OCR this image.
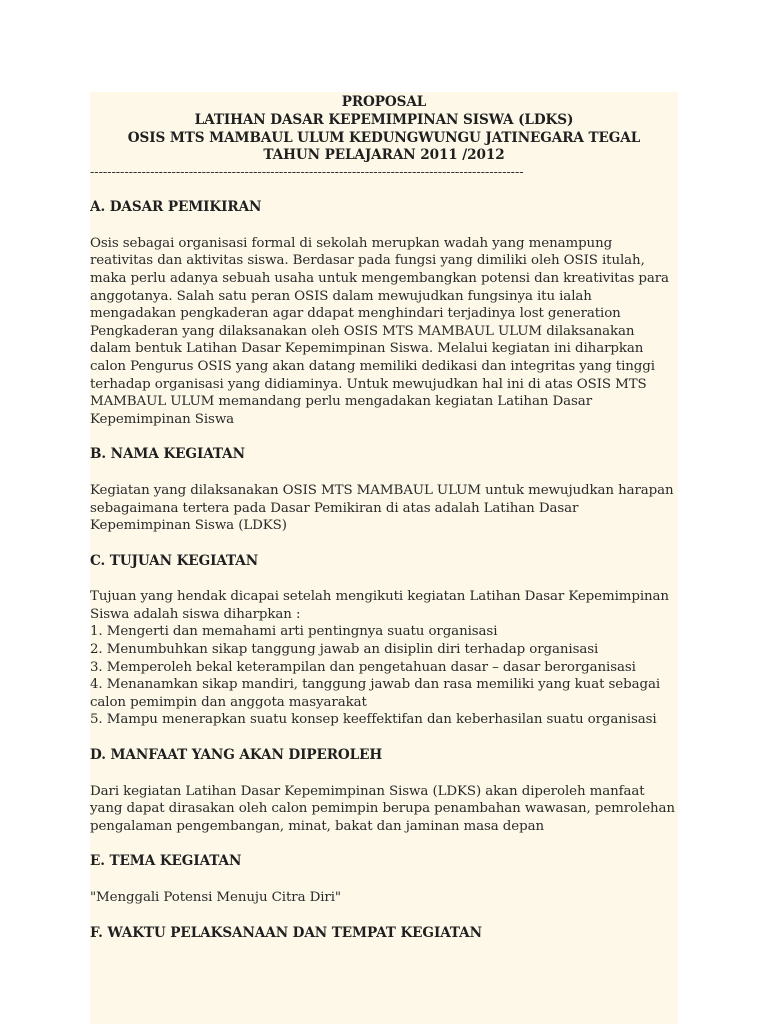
PROPOSAL
LATIHAN DASAR KEPEMIMPINAN SISWA (LDKS)
OSIS MTS MAMBAUL ULUM KEDUNGWUNGU JATINEGARA TEGAL
TAHUN PELAJARAN 2011 /2012
-----------------------------------------------------------------------------------------------------
A. DASAR PEMIKIRAN
Osis sebagai organisasi formal di sekolah merupkan wadah yang menampung reativitas dan aktivitas siswa. Berdasar pada fungsi yang dimiliki oleh OSIS itulah, maka perlu adanya sebuah usaha untuk mengembangkan potensi dan kreativitas para anggotanya. Salah satu peran OSIS dalam mewujudkan fungsinya itu ialah mengadakan pengkaderan agar ddapat menghindari terjadinya lost generation
Pengkaderan yang dilaksanakan oleh OSIS MTS MAMBAUL ULUM dilaksanakan dalam bentuk Latihan Dasar Kepemimpinan Siswa. Melalui kegiatan ini diharpkan calon Pengurus OSIS yang akan datang memiliki dedikasi dan integritas yang tinggi terhadap organisasi yang didiaminya. Untuk mewujudkan hal ini di atas OSIS MTS MAMBAUL ULUM memandang perlu mengadakan kegiatan Latihan Dasar Kepemimpinan Siswa
B. NAMA KEGIATAN
Kegiatan yang dilaksanakan OSIS MTS MAMBAUL ULUM untuk mewujudkan harapan sebagaimana tertera pada Dasar Pemikiran di atas adalah Latihan Dasar Kepemimpinan Siswa (LDKS)
C. TUJUAN KEGIATAN
Tujuan yang hendak dicapai setelah mengikuti kegiatan Latihan Dasar Kepemimpinan Siswa adalah siswa diharpkan :
1. Mengerti dan memahami arti pentingnya suatu organisasi
2. Menumbuhkan sikap tanggung jawab an disiplin diri terhadap organisasi
3. Memperoleh bekal keterampilan dan pengetahuan dasar – dasar berorganisasi
4. Menanamkan sikap mandiri, tanggung jawab dan rasa memiliki yang kuat sebagai calon pemimpin dan anggota masyarakat
5. Mampu menerapkan suatu konsep keeffektifan dan keberhasilan suatu organisasi
D. MANFAAT YANG AKAN DIPEROLEH
Dari kegiatan Latihan Dasar Kepemimpinan Siswa (LDKS) akan diperoleh manfaat yang dapat dirasakan oleh calon pemimpin berupa penambahan wawasan, pemrolehan pengalaman pengembangan, minat, bakat dan jaminan masa depan
E. TEMA KEGIATAN
"Menggali Potensi Menuju Citra Diri"
F. WAKTU PELAKSANAAN DAN TEMPAT KEGIATAN
